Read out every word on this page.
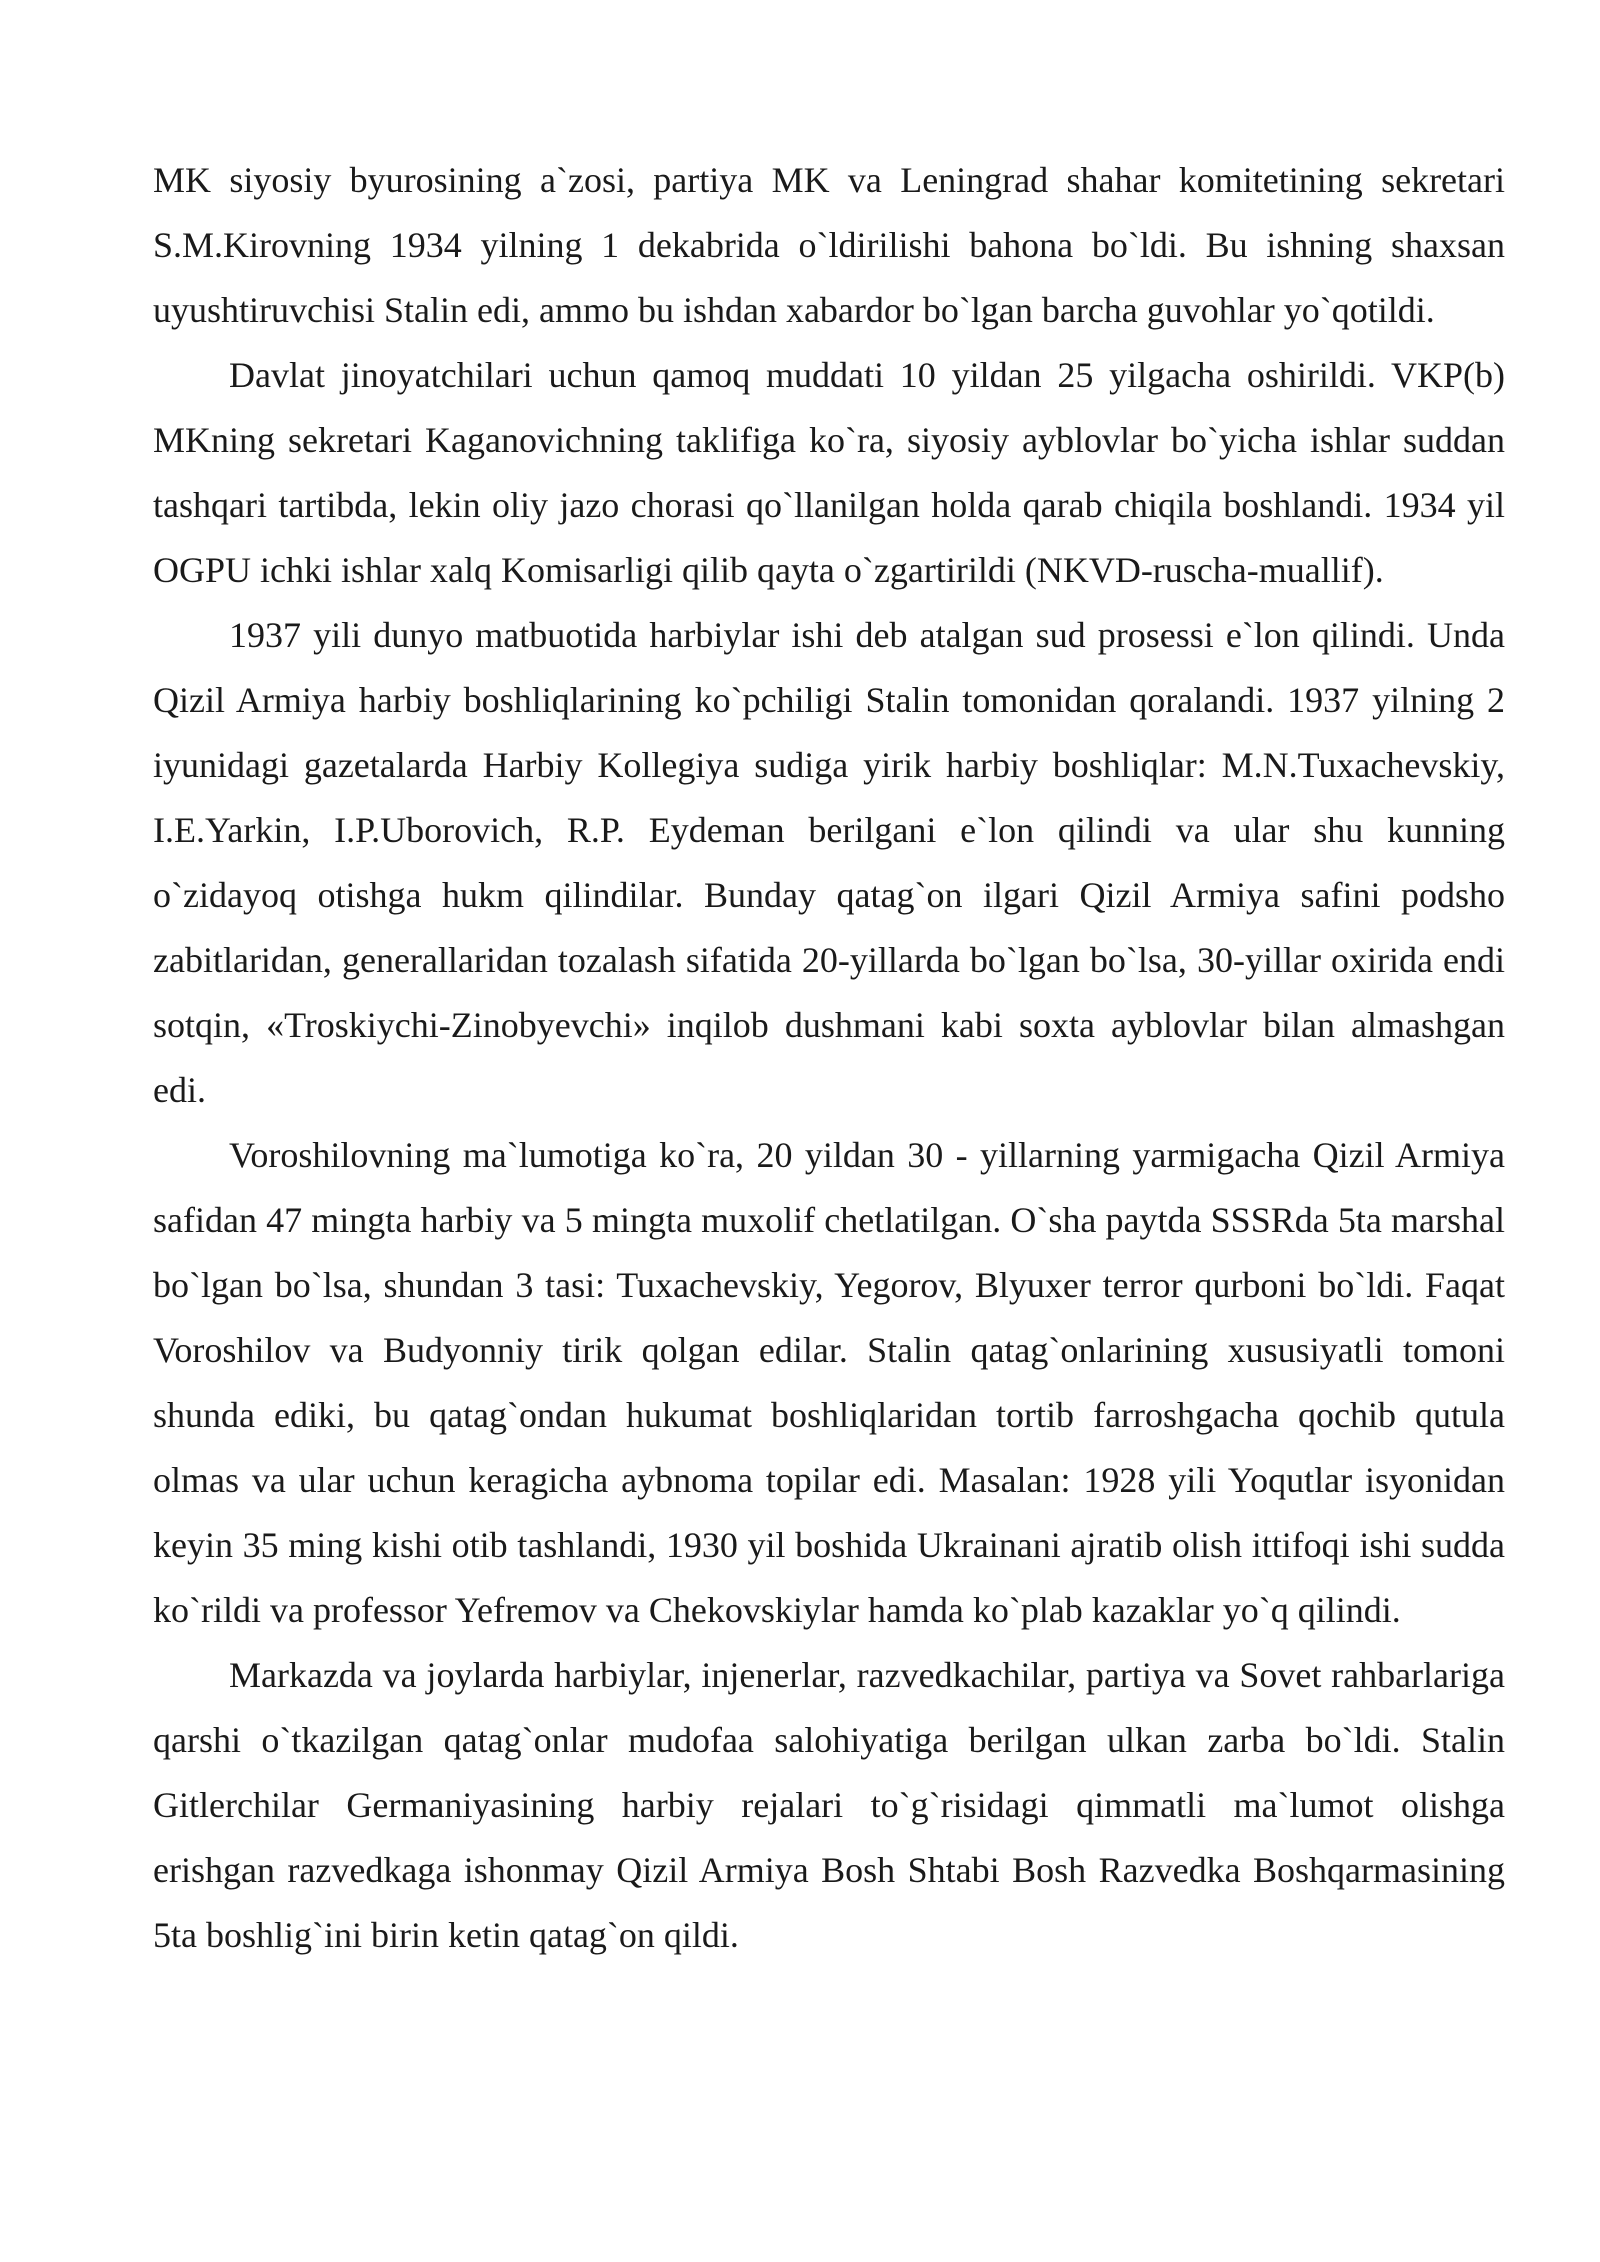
MK siyosiy byurosining a`zosi, partiya MK va Leningrad shahar komitetining sekretari S.M.Kirovning 1934 yilning 1 dekabrida o`ldirilishi bahona bo`ldi. Bu ishning shaxsan uyushtiruvchisi Stalin edi, ammo bu ishdan xabardor bo`lgan barcha guvohlar yo`qotildi.

Davlat jinoyatchilari uchun qamoq muddati 10 yildan 25 yilgacha oshirildi. VKP(b) MKning sekretari Kaganovichning taklifiga ko`ra, siyosiy ayblovlar bo`yicha ishlar suddan tashqari tartibda, lekin oliy jazo chorasi qo`llanilgan holda qarab chiqila boshlandi. 1934 yil OGPU ichki ishlar xalq Komisarligi qilib qayta o`zgartirildi (NKVD-ruscha-muallif).

1937 yili dunyo matbuotida harbiylar ishi deb atalgan sud prosessi e`lon qilindi. Unda Qizil Armiya harbiy boshliqlarining ko`pchiligi Stalin tomonidan qoralandi. 1937 yilning 2 iyunidagi gazetalarda Harbiy Kollegiya sudiga yirik harbiy boshliqlar: M.N.Tuxachevskiy, I.E.Yarkin, I.P.Uborovich, R.P. Eydeman berilgani e`lon qilindi va ular shu kunning o`zidayoq otishga hukm qilindilar. Bunday qatag`on ilgari Qizil Armiya safini podsho zabitlaridan, generallaridan tozalash sifatida 20-yillarda bo`lgan bo`lsa, 30-yillar oxirida endi sotqin, «Troskiychi-Zinobyevchi» inqilob dushmani kabi soxta ayblovlar bilan almashgan edi.

Voroshilovning ma`lumotiga ko`ra, 20 yildan 30 - yillarning yarmigacha Qizil Armiya safidan 47 mingta harbiy va 5 mingta muxolif chetlatilgan. O`sha paytda SSSRda 5ta marshal bo`lgan bo`lsa, shundan 3 tasi: Tuxachevskiy, Yegorov, Blyuxer terror qurboni bo`ldi. Faqat Voroshilov va Budyonniy tirik qolgan edilar. Stalin qatag`onlarining xususiyatli tomoni shunda ediki, bu qatag`ondan hukumat boshliqlaridan tortib farroshgacha qochib qutula olmas va ular uchun keragicha aybnoma topilar edi. Masalan: 1928 yili Yoqutlar isyonidan keyin 35 ming kishi otib tashlandi, 1930 yil boshida Ukrainani ajratib olish ittifoqi ishi sudda ko`rildi va professor Yefremov va Chekovskiylar hamda ko`plab kazaklar yo`q qilindi.

Markazda va joylarda harbiylar, injenerlar, razvedkachilar, partiya va Sovet rahbarlariga qarshi o`tkazilgan qatag`onlar mudofaa salohiyatiga berilgan ulkan zarba bo`ldi. Stalin Gitlerchilar Germaniyasining harbiy rejalari to`g`risidagi qimmatli ma`lumot olishga erishgan razvedkaga ishonmay Qizil Armiya Bosh Shtabi Bosh Razvedka Boshqarmasining 5ta boshlig`ini birin ketin qatag`on qildi.
